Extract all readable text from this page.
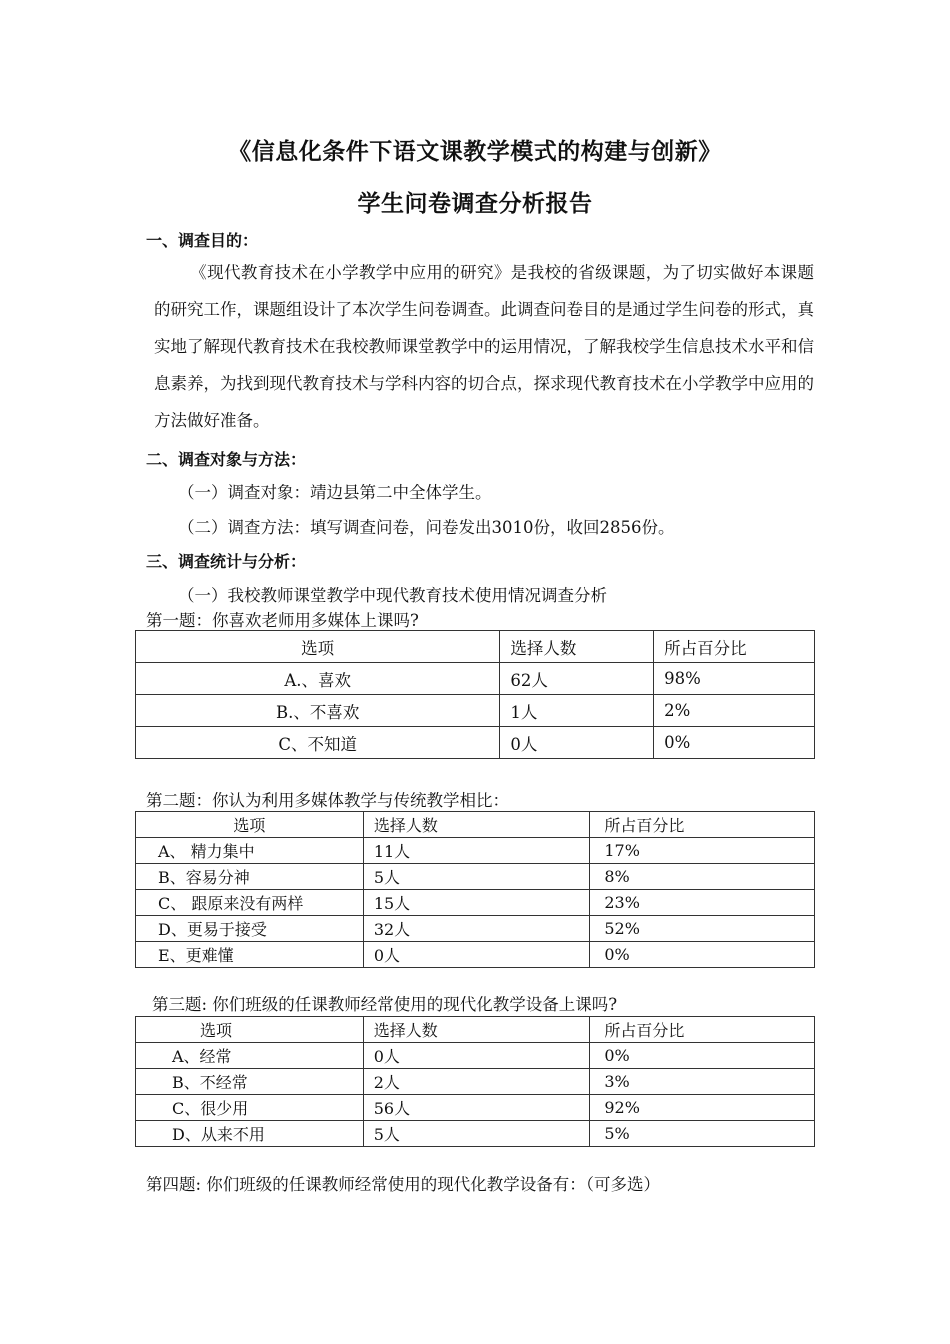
《信息化条件下语文课教学模式的构建与创新》
学生问卷调查分析报告
一、调查目的：
《现代教育技术在小学教学中应用的研究》是我校的省级课题，为了切实做好本课题的研究工作，课题组设计了本次学生问卷调查。此调查问卷目的是通过学生问卷的形式，真实地了解现代教育技术在我校教师课堂教学中的运用情况，了解我校学生信息技术水平和信息素养，为找到现代教育技术与学科内容的切合点，探求现代教育技术在小学教学中应用的方法做好准备。
二、调查对象与方法：
（一）调查对象：靖边县第二中全体学生。
（二）调查方法：填写调查问卷，问卷发出3010份，收回2856份。
三、调查统计与分析：
（一）我校教师课堂教学中现代教育技术使用情况调查分析
第一题：你喜欢老师用多媒体上课吗?
选项	选择人数	所占百分比
A.、喜欢	62人	98%
B.、不喜欢	1人	2%
C、不知道	0人	0%
第二题：你认为利用多媒体教学与传统教学相比：
选项	选择人数	所占百分比
A、 精力集中	11人	17%
B、容易分神	5人	8%
C、 跟原来没有两样	15人	23%
D、更易于接受	32人	52%
E、更难懂	0人	0%
第三题: 你们班级的任课教师经常使用的现代化教学设备上课吗?
选项	选择人数	所占百分比
A、经常	0人	0%
B、不经常	2人	3%
C、很少用	56人	92%
D、从来不用	5人	5%
第四题: 你们班级的任课教师经常使用的现代化教学设备有：（可多选）
